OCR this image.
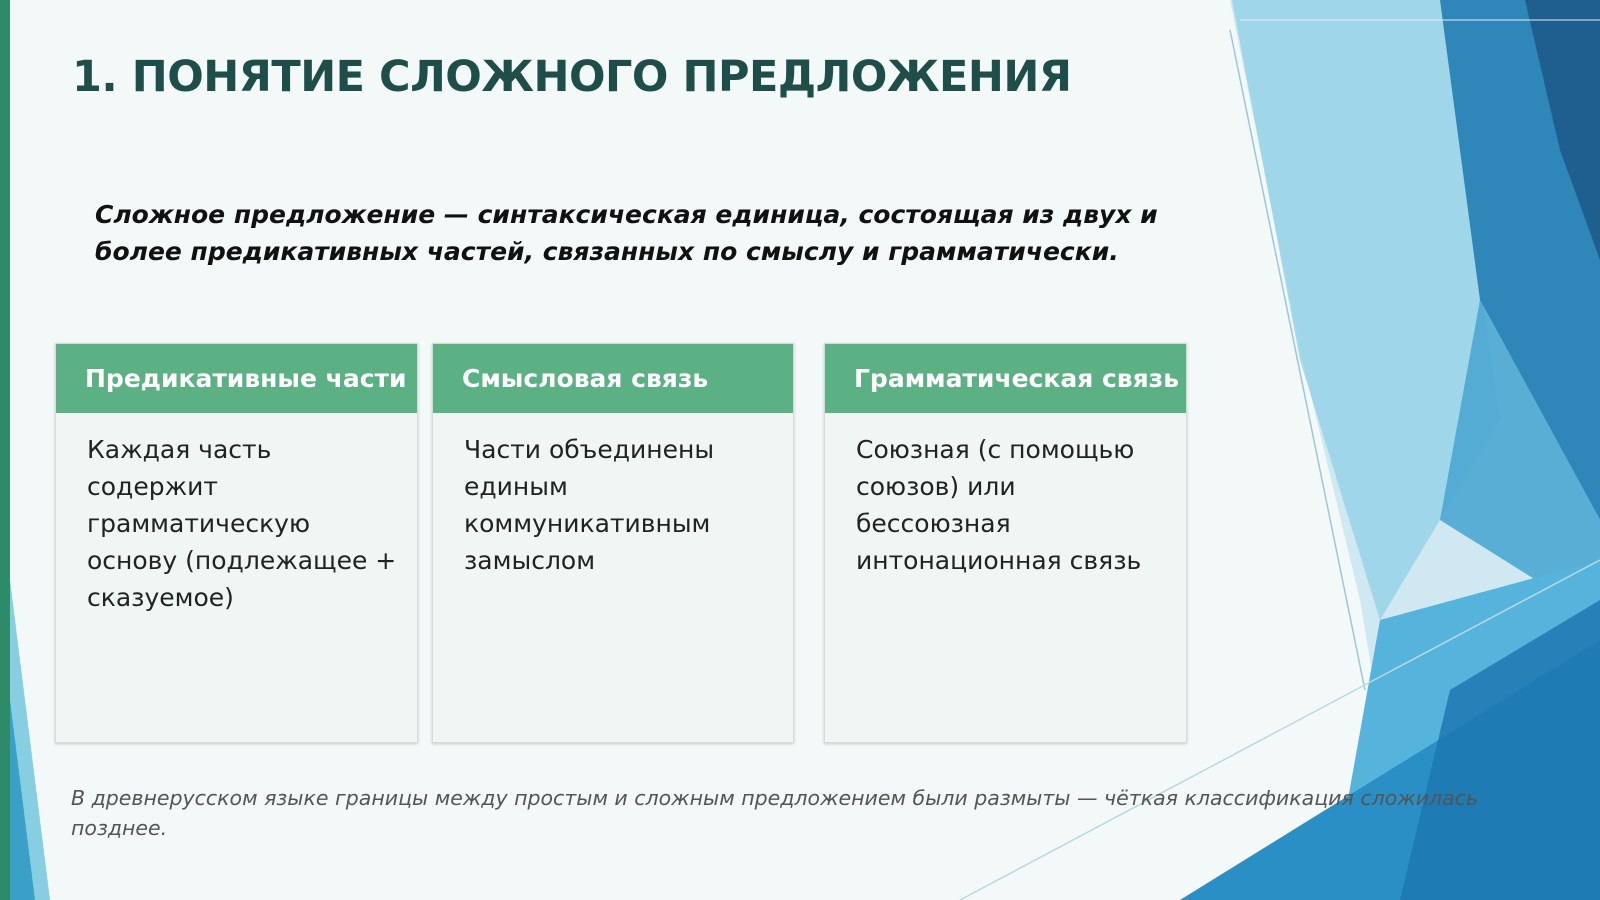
1. ПОНЯТИЕ СЛОЖНОГО ПРЕДЛОЖЕНИЯ

Сложное предложение — синтаксическая единица, состоящая из двух и более предикативных частей, связанных по смыслу и грамматически.

Предикативные части
Каждая часть содержит грамматическую основу (подлежащее + сказуемое)
Смысловая связь
Части объединены единым коммуникативным замыслом
Грамматическая связь
Союзная (с помощью союзов) или бессоюзная интонационная связь

В древнерусском языке границы между простым и сложным предложением были размыты — чёткая классификация сложилась позднее.
